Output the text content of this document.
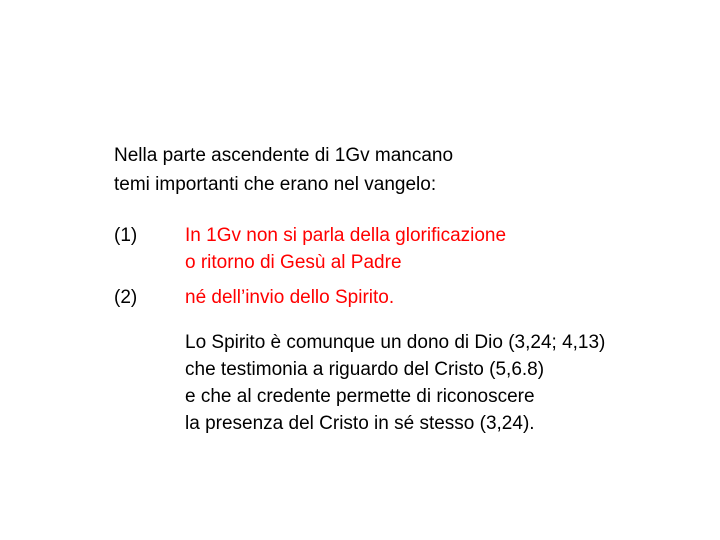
Nella parte ascendente di 1Gv mancano
temi importanti che erano nel vangelo:
(1)	In 1Gv non si parla della glorificazione
o ritorno di Gesù al Padre
(2)	né dell’invio dello Spirito.
Lo Spirito è comunque un dono di Dio (3,24; 4,13)
che testimonia a riguardo del Cristo (5,6.8)
e che al credente permette di riconoscere
la presenza del Cristo in sé stesso (3,24).
